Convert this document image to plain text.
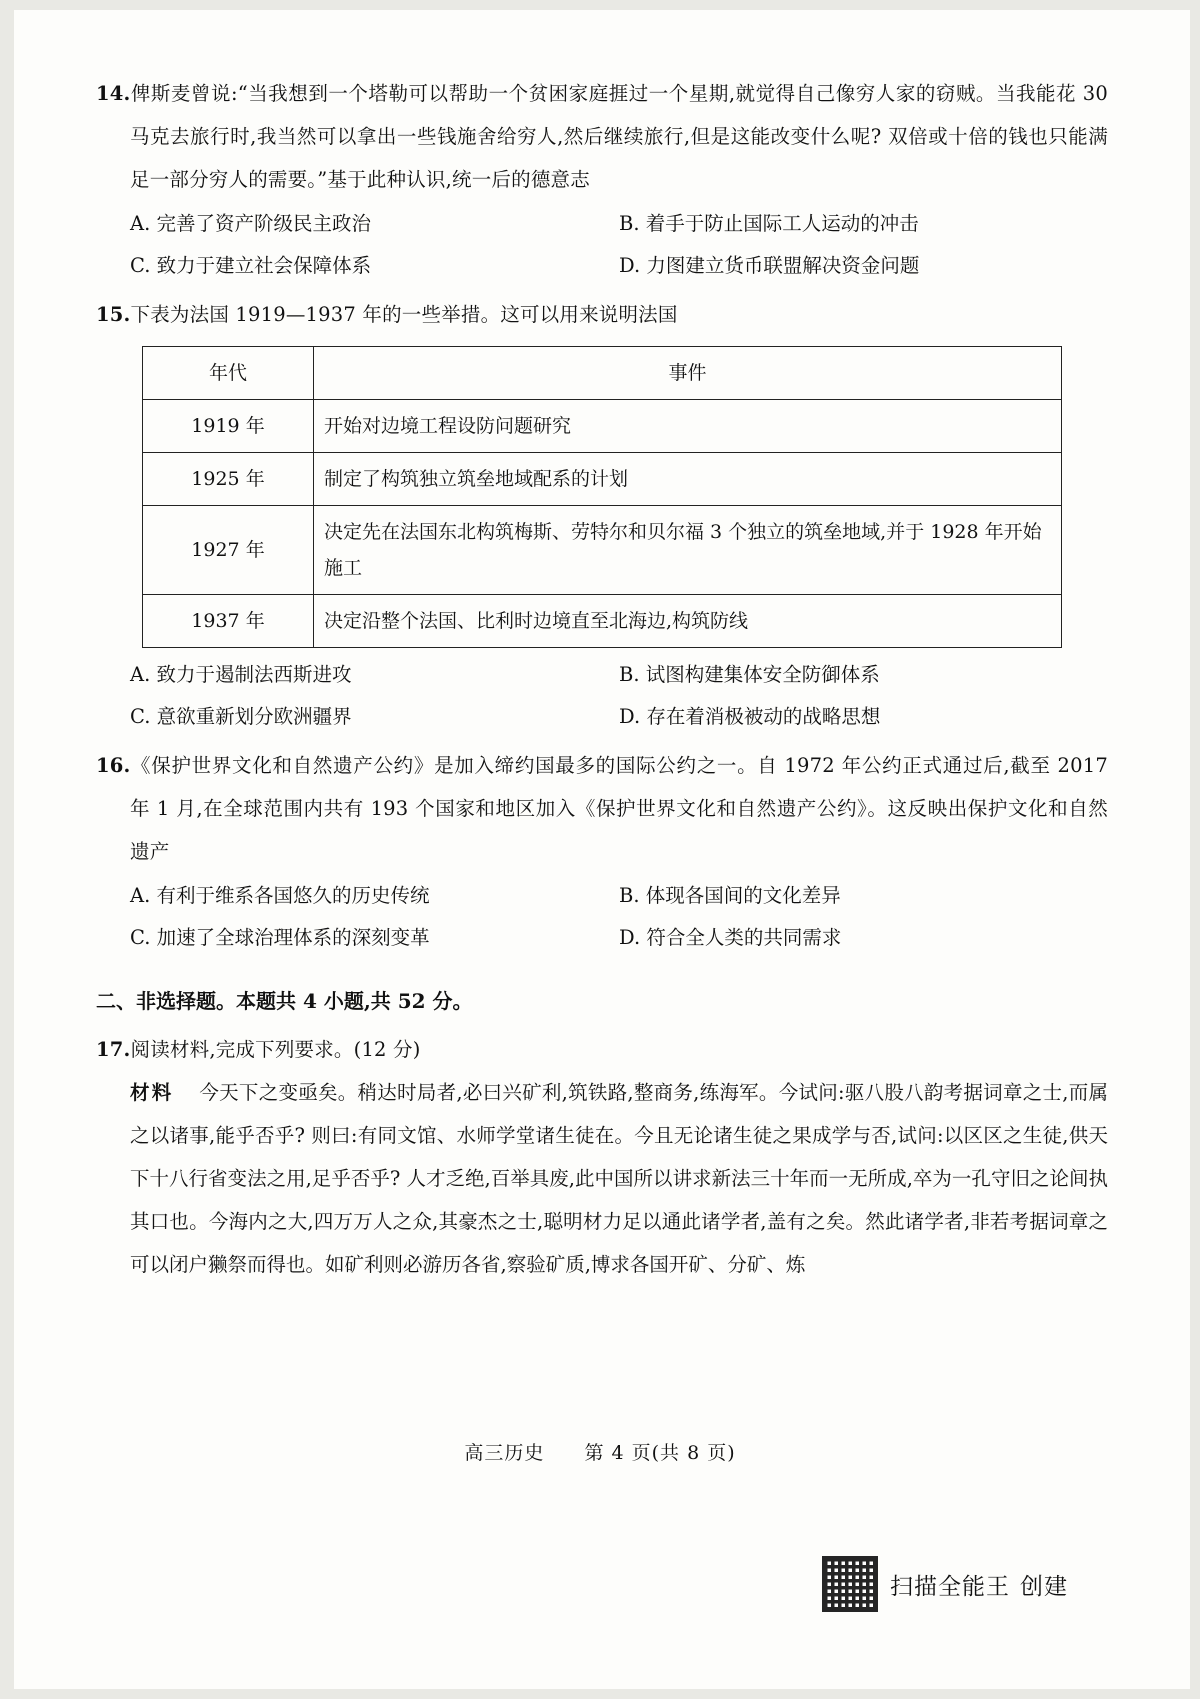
14.俾斯麦曾说:“当我想到一个塔勒可以帮助一个贫困家庭捱过一个星期,就觉得自己像穷人家的窃贼。当我能花 30 马克去旅行时,我当然可以拿出一些钱施舍给穷人,然后继续旅行,但是这能改变什么呢? 双倍或十倍的钱也只能满足一部分穷人的需要。”基于此种认识,统一后的德意志
A. 完善了资产阶级民主政治	B. 着手于防止国际工人运动的冲击
C. 致力于建立社会保障体系	D. 力图建立货币联盟解决资金问题
15.下表为法国 1919—1937 年的一些举措。这可以用来说明法国
年代	事件
1919 年	开始对边境工程设防问题研究
1925 年	制定了构筑独立筑垒地域配系的计划
1927 年	决定先在法国东北构筑梅斯、劳特尔和贝尔福 3 个独立的筑垒地域,并于 1928 年开始施工
1937 年	决定沿整个法国、比利时边境直至北海边,构筑防线
A. 致力于遏制法西斯进攻	B. 试图构建集体安全防御体系
C. 意欲重新划分欧洲疆界	D. 存在着消极被动的战略思想
16.《保护世界文化和自然遗产公约》是加入缔约国最多的国际公约之一。自 1972 年公约正式通过后,截至 2017 年 1 月,在全球范围内共有 193 个国家和地区加入《保护世界文化和自然遗产公约》。这反映出保护文化和自然遗产
A. 有利于维系各国悠久的历史传统	B. 体现各国间的文化差异
C. 加速了全球治理体系的深刻变革	D. 符合全人类的共同需求
二、非选择题。本题共 4 小题,共 52 分。
17.阅读材料,完成下列要求。(12 分)
材料 今天下之变亟矣。稍达时局者,必曰兴矿利,筑铁路,整商务,练海军。今试问:驱八股八韵考据词章之士,而属之以诸事,能乎否乎? 则曰:有同文馆、水师学堂诸生徒在。今且无论诸生徒之果成学与否,试问:以区区之生徒,供天下十八行省变法之用,足乎否乎? 人才乏绝,百举具废,此中国所以讲求新法三十年而一无所成,卒为一孔守旧之论间执其口也。今海内之大,四万万人之众,其豪杰之士,聪明材力足以通此诸学者,盖有之矣。然此诸学者,非若考据词章之可以闭户獭祭而得也。如矿利则必游历各省,察验矿质,博求各国开矿、分矿、炼
高三历史 第 4 页(共 8 页)
扫描全能王 创建
